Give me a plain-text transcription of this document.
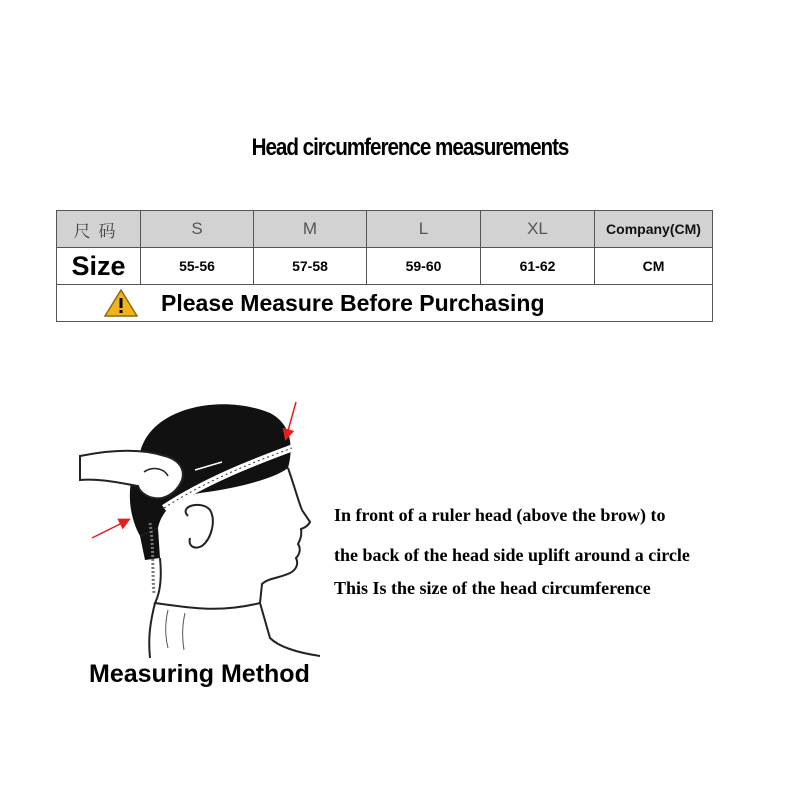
Head circumference measurements
尺码	S	M	L	XL	Company(CM)
Size	55-56	57-58	59-60	61-62	CM

Please Measure Before Purchasing					
In front of a ruler head (above the brow) to
the back of the head side uplift around a circle
This Is the size of the head circumference
Measuring Method
